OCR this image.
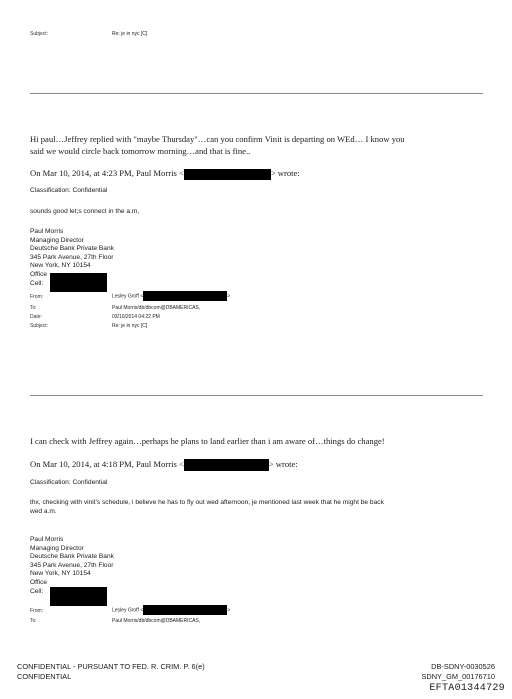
Subject:	Re: je in nyc [C]
Hi paul…Jeffrey replied with "maybe Thursday"…can you confirm Vinit is departing on WEd… I know you
said we would circle back tomorrow morning…and that is fine..
On Mar 10, 2014, at 4:23 PM, Paul Morris <	> wrote:
Classification: Confidential
sounds good let;s connect in the a.m,
Paul Morris
Managing Director
Deutsche Bank Private Bank
345 Park Avenue, 27th Floor
New York, NY 10154
Office
Cell:
From:	Lesley Groff <	>
To:	Paul Morris/db/dbcom@DBAMERICAS,
Date:	03/10/2014 04:22 PM
Subject:	Re: je in nyc [C]
I can check with Jeffrey again…perhaps he plans to land earlier than i am aware of…things do change!
On Mar 10, 2014, at 4:18 PM, Paul Morris <	> wrote:
Classification: Confidential
thx, checking with vinit's schedule, i believe he has to fly out wed afternoon, je mentioned last week that he might be back
wed a.m.
Paul Morris
Managing Director
Deutsche Bank Private Bank
345 Park Avenue, 27th Floor
New York, NY 10154
Office
Cell:
From:	Lesley Groff <	>
To:	Paul Morris/db/dbcom@DBAMERICAS,
CONFIDENTIAL - PURSUANT TO FED. R. CRIM. P. 6(e)
CONFIDENTIAL
DB-SDNY-0030526
SDNY_GM_00176710
EFTA01344729
